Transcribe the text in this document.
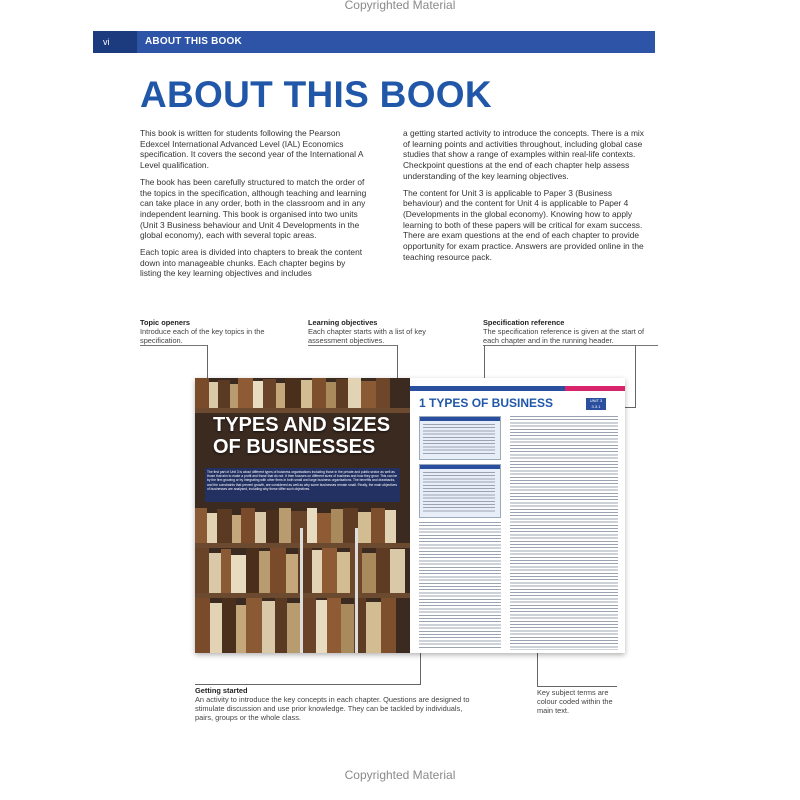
Copyrighted Material
vi	ABOUT THIS BOOK
ABOUT THIS BOOK

This book is written for students following the Pearson Edexcel International Advanced Level (IAL) Economics specification. It covers the second year of the International A Level qualification.

The book has been carefully structured to match the order of the topics in the specification, although teaching and learning can take place in any order, both in the classroom and in any independent learning. This book is organised into two units (Unit 3 Business behaviour and Unit 4 Developments in the global economy), each with several topic areas.

Each topic area is divided into chapters to break the content down into manageable chunks. Each chapter begins by listing the key learning objectives and includes

a getting started activity to introduce the concepts. There is a mix of learning points and activities throughout, including global case studies that show a range of examples within real-life contexts. Checkpoint questions at the end of each chapter help assess understanding of the key learning objectives.

The content for Unit 3 is applicable to Paper 3 (Business behaviour) and the content for Unit 4 is applicable to Paper 4 (Developments in the global economy). Knowing how to apply learning to both of these papers will be critical for exam success. There are exam questions at the end of each chapter to provide opportunity for exam practice. Answers are provided online in the teaching resource pack.

Topic openers
Introduce each of the key topics in the specification.
Learning objectives
Each chapter starts with a list of key assessment objectives.
Specification reference
The specification reference is given at the start of each chapter and in the running header.
Getting started
An activity to introduce the key concepts in each chapter. Questions are designed to stimulate discussion and use prior knowledge. They can be tackled by individuals, pairs, groups or the whole class.
Key subject terms are colour coded within the main text.
TYPES AND SIZES
OF BUSINESSES
The first part of Unit 3 is about different types of business organisations including those in the private and public sector as well as those that aim to make a profit and those that do not. It then focuses on different sizes of business and how they grow. This can be by the firm growing or by integrating with other firms in both small and large business organisations. The benefits and drawbacks, and the constraints that prevent growth, are considered as well as why some businesses remain small. Finally, the main objectives of businesses are analysed, including why these differ such objectives.
1 TYPES OF BUSINESS	UNIT 3 3.3.1
Copyrighted Material
